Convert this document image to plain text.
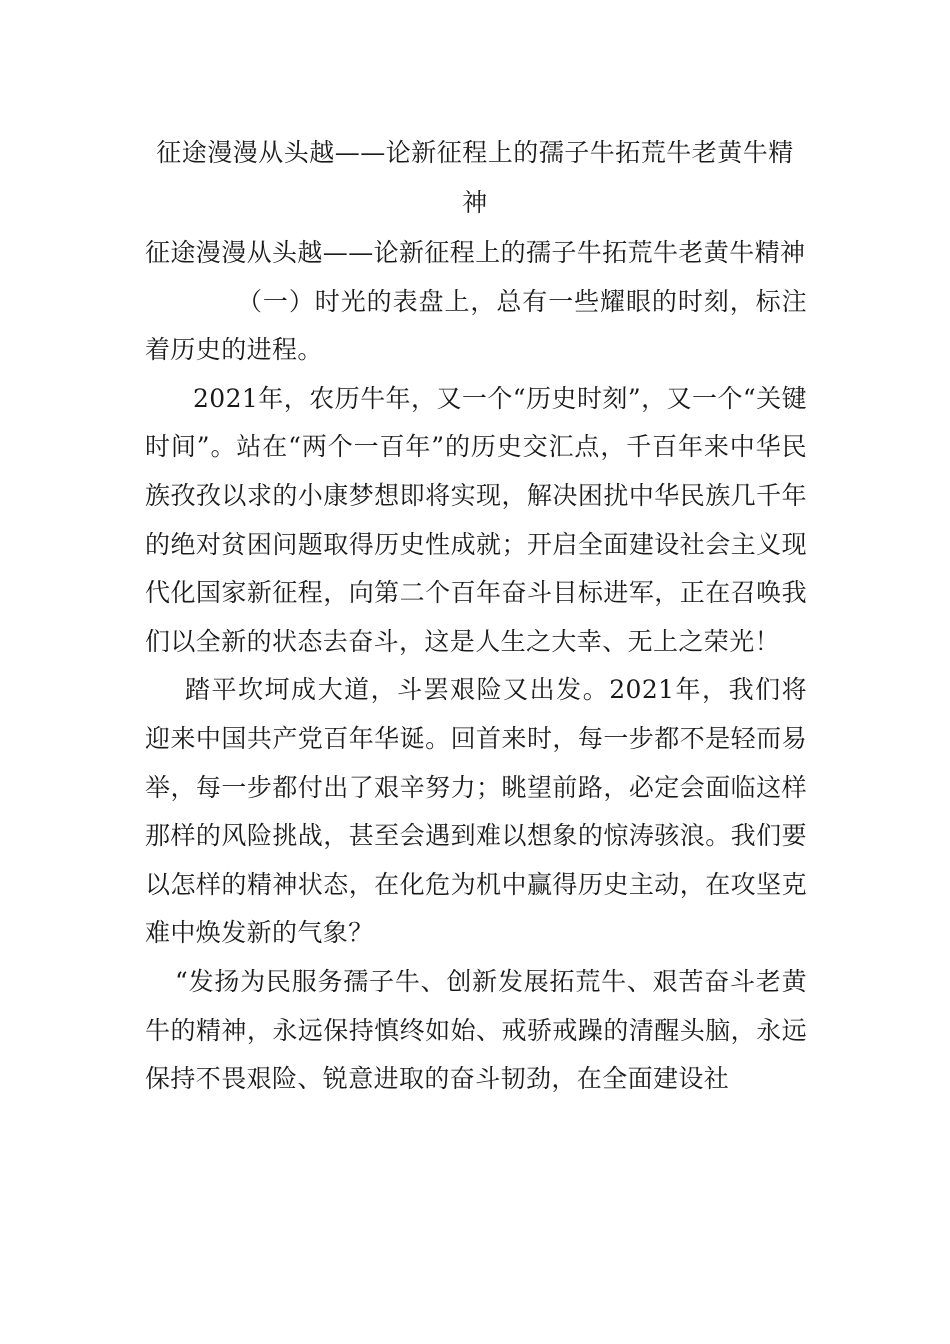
征途漫漫从头越——论新征程上的孺子牛拓荒牛老黄牛精神

征途漫漫从头越——论新征程上的孺子牛拓荒牛老黄牛精神

（一）时光的表盘上，总有一些耀眼的时刻，标注着历史的进程。

2021年，农历牛年，又一个“历史时刻”，又一个“关键时间”。站在“两个一百年”的历史交汇点，千百年来中华民族孜孜以求的小康梦想即将实现，解决困扰中华民族几千年的绝对贫困问题取得历史性成就；开启全面建设社会主义现代化国家新征程，向第二个百年奋斗目标进军，正在召唤我们以全新的状态去奋斗，这是人生之大幸、无上之荣光！

踏平坎坷成大道，斗罢艰险又出发。2021年，我们将迎来中国共产党百年华诞。回首来时，每一步都不是轻而易举，每一步都付出了艰辛努力；眺望前路，必定会面临这样那样的风险挑战，甚至会遇到难以想象的惊涛骇浪。我们要以怎样的精神状态，在化危为机中赢得历史主动，在攻坚克难中焕发新的气象？

“发扬为民服务孺子牛、创新发展拓荒牛、艰苦奋斗老黄牛的精神，永远保持慎终如始、戒骄戒躁的清醒头脑，永远保持不畏艰险、锐意进取的奋斗韧劲，在全面建设社
